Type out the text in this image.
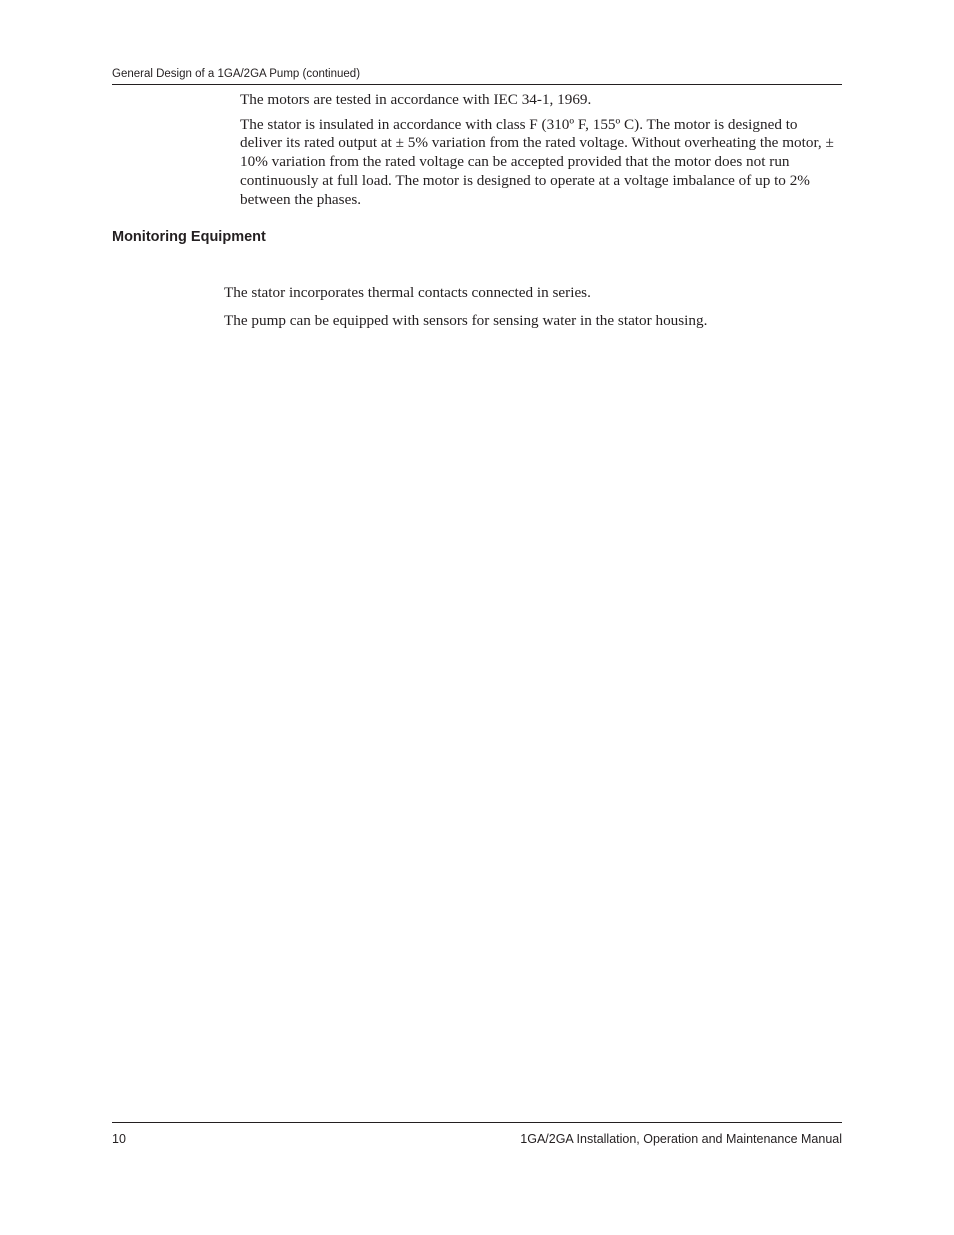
General Design of a 1GA/2GA Pump (continued)

The motors are tested in accordance with IEC 34-1, 1969.

The stator is insulated in accordance with class F (310º F, 155º C). The motor is designed to deliver its rated output at ± 5% variation from the rated voltage. Without overheating the motor, ± 10% variation from the rated voltage can be accepted provided that the motor does not run continuously at full load. The motor is designed to operate at a voltage imbalance of up to 2% between the phases.

Monitoring Equipment

The stator incorporates thermal contacts connected in series.

The pump can be equipped with sensors for sensing water in the stator housing.

10	1GA/2GA Installation, Operation and Maintenance Manual
